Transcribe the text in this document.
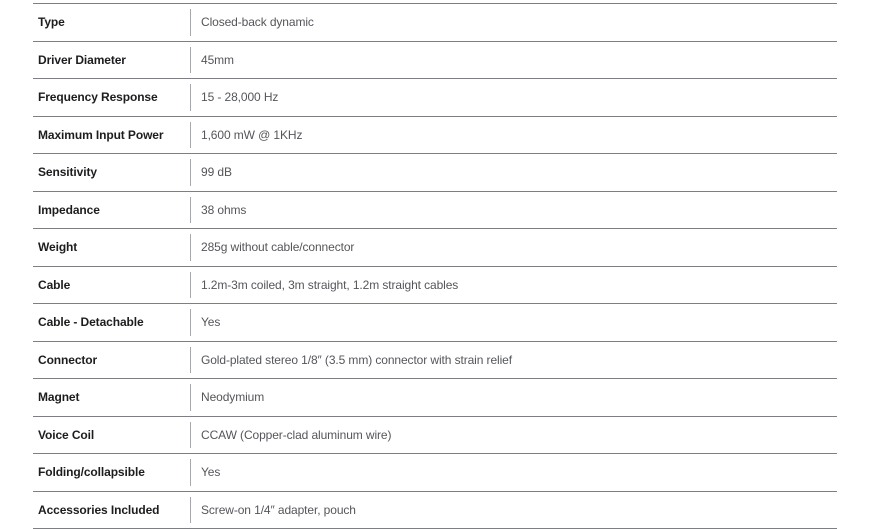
Type	Closed-back dynamic
Driver Diameter	45mm
Frequency Response	15 - 28,000 Hz
Maximum Input Power	1,600 mW @ 1KHz
Sensitivity	99 dB
Impedance	38 ohms
Weight	285g without cable/connector
Cable	1.2m-3m coiled, 3m straight, 1.2m straight cables
Cable - Detachable	Yes
Connector	Gold-plated stereo 1/8″ (3.5 mm) connector with strain relief
Magnet	Neodymium
Voice Coil	CCAW (Copper-clad aluminum wire)
Folding/collapsible	Yes
Accessories Included	Screw-on 1/4″ adapter, pouch
